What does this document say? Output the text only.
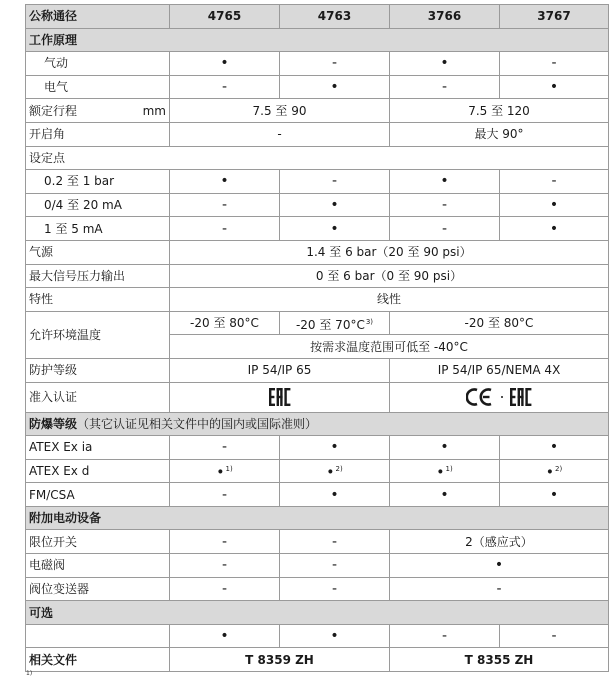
公称通径	4765	4763	3766	3767
工作原理				
气动	•	-	•	-
电气	-	•	-	•
额定行程 mm	7.5 至 90		7.5 至 120	
开启角	-		最大 90°	
设定点				
0.2 至 1 bar	•	-	•	-
0/4 至 20 mA	-	•	-	•
1 至 5 mA	-	•	-	•
气源	1.4 至 6 bar（20 至 90 psi）			
最大信号压力输出	0 至 6 bar（0 至 90 psi）			
特性	线性			
允许环境温度	-20 至 80°C	-20 至 70°C$^{3)}$	-20 至 80°C	
	按需求温度范围可低至 -40°C			
防护等级	IP 54/IP 65		IP 54/IP 65/NEMA 4X	
准入认证		
防爆等级（其它认证见相关文件中的国内或国际准则）				
ATEX Ex ia	-	•	•	•
ATEX Ex d	•$^{1)}$	•$^{2)}$	•$^{1)}$	•$^{2)}$
FM/CSA	-	•	•	•
附加电动设备				
限位开关	-	-	2（感应式）	
电磁阀	-	-	•	
阀位变送器	-	-	-	
可选				
	•	•	-	-
相关文件	T 8359 ZH		T 8355 ZH	
1)
